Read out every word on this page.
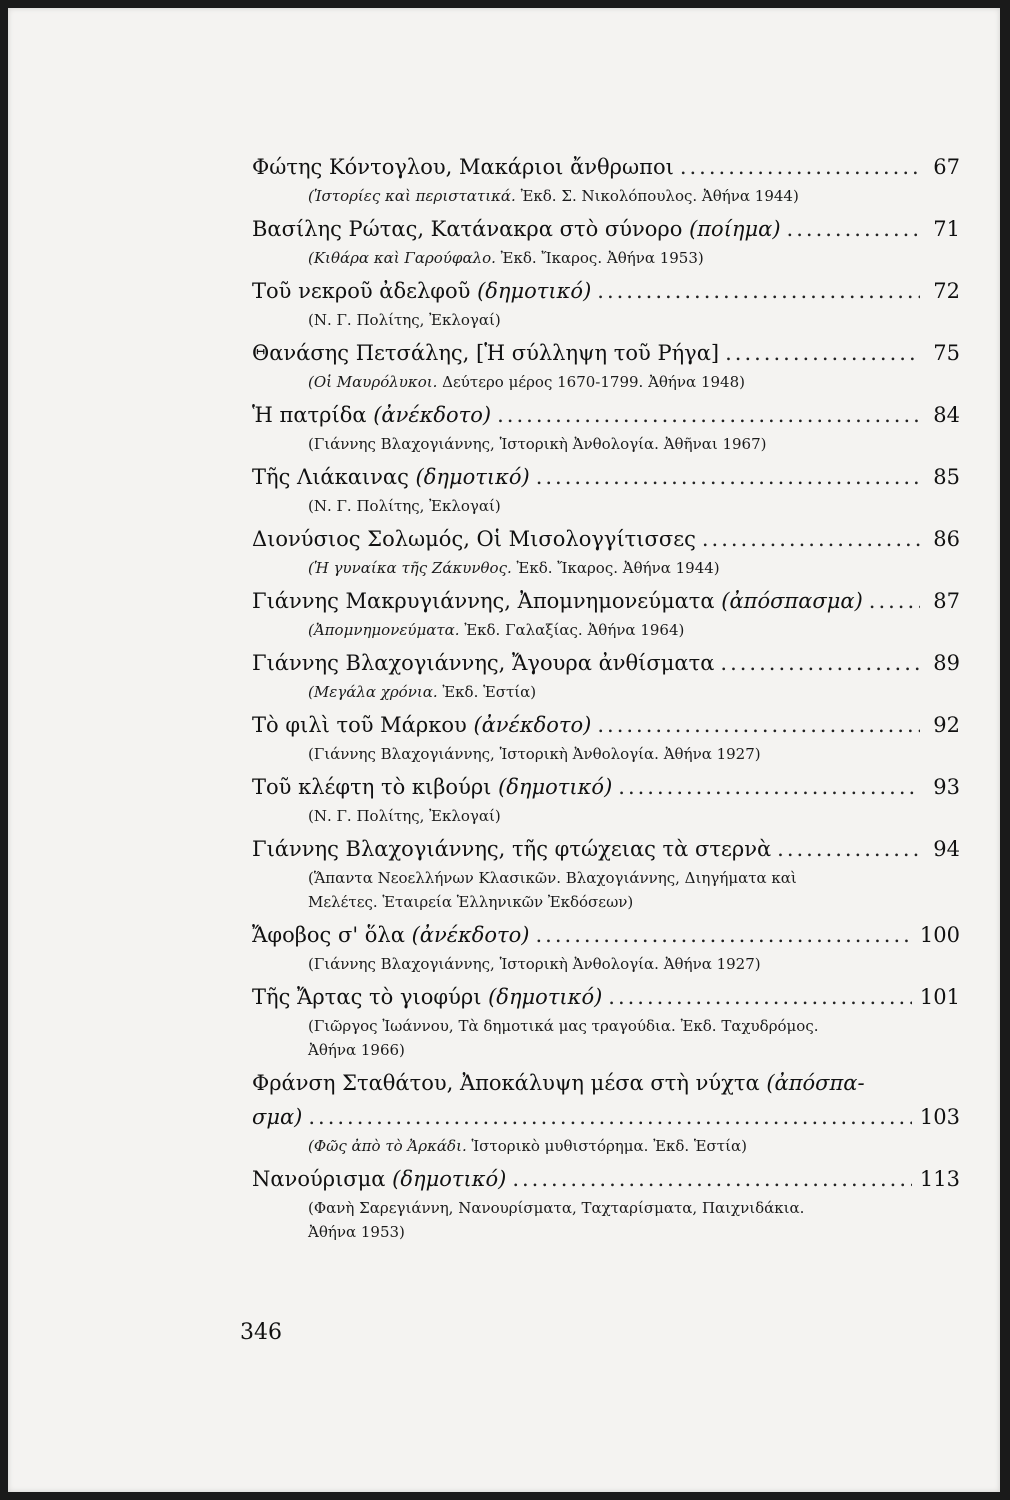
Φώτης Κόντογλου, Μακάριοι ἄνθρωποι .....	67
(Ἱστορίες καὶ περιστατικά. Ἐκδ. Σ. Νικολόπουλος. Ἀθήνα 1944)
Βασίλης Ρώτας, Κατάνακρα στὸ σύνορο (ποίημα) .....	71
(Κιθάρα καὶ Γαρούφαλο. Ἐκδ. Ἴκαρος. Ἀθήνα 1953)
Τοῦ νεκροῦ ἀδελφοῦ (δημοτικό) .....	72
(Ν. Γ. Πολίτης, Ἐκλογαί)
Θανάσης Πετσάλης, [Ἡ σύλληψη τοῦ Ρήγα] .....	75
(Οἱ Μαυρόλυκοι. Δεύτερο μέρος 1670-1799. Ἀθήνα 1948)
Ἡ πατρίδα (ἀνέκδοτο) .....	84
(Γιάννης Βλαχογιάννης, Ἱστορικὴ Ἀνθολογία. Ἀθῆναι 1967)
Τῆς Λιάκαινας (δημοτικό) .....	85
(Ν. Γ. Πολίτης, Ἐκλογαί)
Διονύσιος Σολωμός, Οἱ Μισολογγίτισσες .....	86
(Ἡ γυναίκα τῆς Ζάκυνθος. Ἐκδ. Ἴκαρος. Ἀθήνα 1944)
Γιάννης Μακρυγιάννης, Ἀπομνημονεύματα (ἀπόσπασμα) .....	87
(Ἀπομνημονεύματα. Ἐκδ. Γαλαξίας. Ἀθήνα 1964)
Γιάννης Βλαχογιάννης, Ἄγουρα ἀνθίσματα .....	89
(Μεγάλα χρόνια. Ἐκδ. Ἑστία)
Τὸ φιλὶ τοῦ Μάρκου (ἀνέκδοτο) .....	92
(Γιάννης Βλαχογιάννης, Ἱστορικὴ Ἀνθολογία. Ἀθήνα 1927)
Τοῦ κλέφτη τὸ κιβούρι (δημοτικό) .....	93
(Ν. Γ. Πολίτης, Ἐκλογαί)
Γιάννης Βλαχογιάννης, τῆς φτώχειας τὰ στερνὰ .....	94
(Ἅπαντα Νεοελλήνων Κλασικῶν. Βλαχογιάννης, Διηγήματα καὶ
Μελέτες. Ἑταιρεία Ἑλληνικῶν Ἐκδόσεων)
Ἄφοβος σ' ὅλα (ἀνέκδοτο) .....	100
(Γιάννης Βλαχογιάννης, Ἱστορικὴ Ἀνθολογία. Ἀθήνα 1927)
Τῆς Ἄρτας τὸ γιοφύρι (δημοτικό) .....	101
(Γιῶργος Ἰωάννου, Τὰ δημοτικά μας τραγούδια. Ἐκδ. Ταχυδρόμος.
Ἀθήνα 1966)
Φράνση Σταθάτου, Ἀποκάλυψη μέσα στὴ νύχτα (ἀπόσπα-
σμα) .....	103
(Φῶς ἀπὸ τὸ Ἀρκάδι. Ἱστορικὸ μυθιστόρημα. Ἐκδ. Ἑστία)
Νανούρισμα (δημοτικό) .....	113
(Φανὴ Σαρεγιάννη, Νανουρίσματα, Ταχταρίσματα, Παιχνιδάκια.
Ἀθήνα 1953)
346
